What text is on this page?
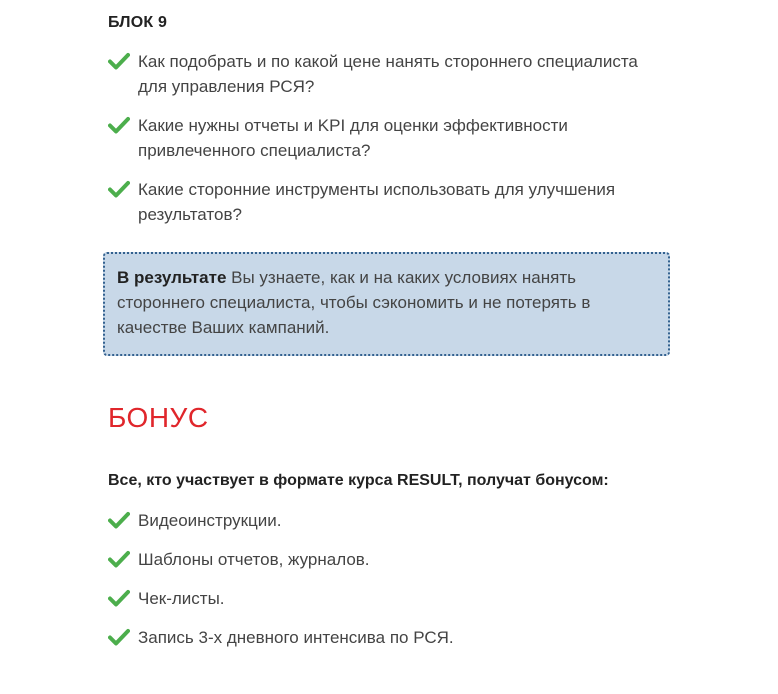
БЛОК 9
Как подобрать и по какой цене нанять стороннего специалиста для управления РСЯ?
Какие нужны отчеты и KPI для оценки эффективности привлеченного специалиста?
Какие сторонние инструменты использовать для улучшения результатов?
В результате Вы узнаете, как и на каких условиях нанять стороннего специалиста, чтобы сэкономить и не потерять в качестве Ваших кампаний.
БОНУС
Все, кто участвует в формате курса RESULT, получат бонусом:
Видеоинструкции.
Шаблоны отчетов, журналов.
Чек-листы.
Запись 3-х дневного интенсива по РСЯ.
